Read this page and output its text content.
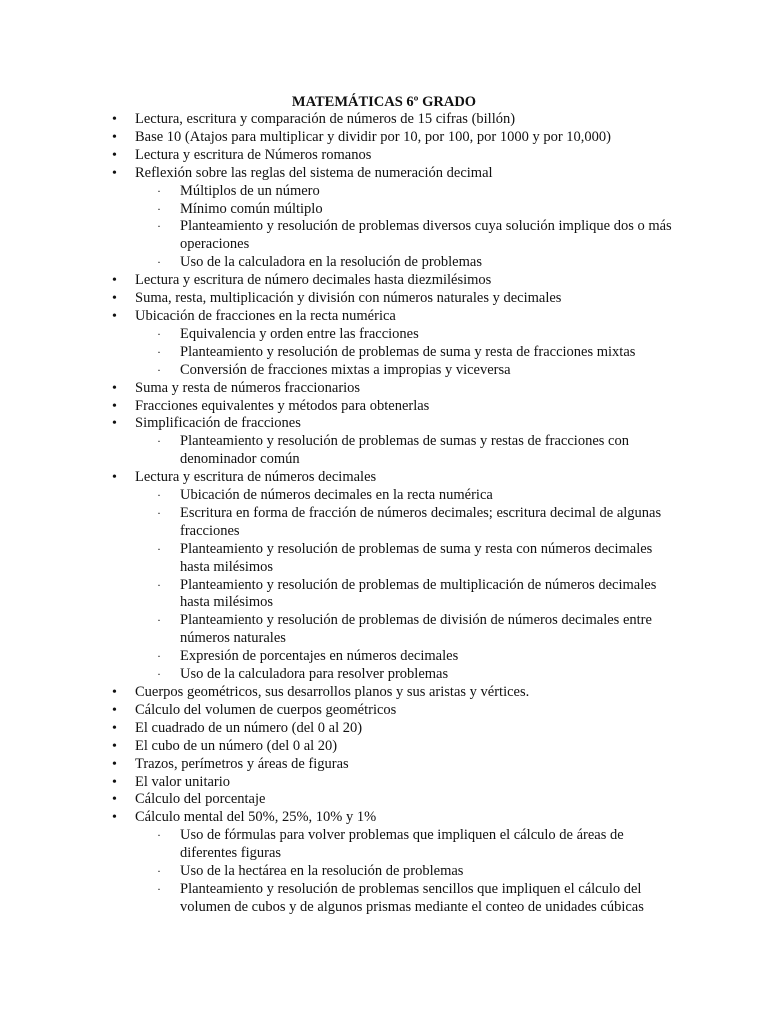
MATEMÁTICAS 6º GRADO
• Lectura, escritura y comparación de números de 15 cifras (billón)
• Base 10 (Atajos para multiplicar y dividir por 10, por 100, por 1000 y por 10,000)
• Lectura y escritura de Números romanos
• Reflexión sobre las reglas del sistema de numeración decimal
· Múltiplos de un número
· Mínimo común múltiplo
· Planteamiento y resolución de problemas diversos cuya solución implique dos o más operaciones
· Uso de la calculadora en la resolución de problemas
• Lectura y escritura de número decimales hasta diezmilésimos
• Suma, resta, multiplicación y división con números naturales y decimales
• Ubicación de fracciones en la recta numérica
· Equivalencia y orden entre las fracciones
· Planteamiento y resolución de problemas de suma y resta de fracciones mixtas
· Conversión de fracciones mixtas a impropias y viceversa
• Suma y resta de números fraccionarios
• Fracciones equivalentes y métodos para obtenerlas
• Simplificación de fracciones
· Planteamiento y resolución de problemas de sumas y restas de fracciones con denominador común
• Lectura y escritura de números decimales
· Ubicación de números decimales en la recta numérica
· Escritura en forma de fracción de números decimales; escritura decimal de algunas fracciones
· Planteamiento y resolución de problemas de suma y resta con números decimales hasta milésimos
· Planteamiento y resolución de problemas de multiplicación de números decimales hasta milésimos
· Planteamiento y resolución de problemas de división de números decimales entre números naturales
· Expresión de porcentajes en números decimales
· Uso de la calculadora para resolver problemas
• Cuerpos geométricos, sus desarrollos planos y sus aristas y vértices.
• Cálculo del volumen de cuerpos geométricos
• El cuadrado de un número (del 0 al 20)
• El cubo de un número (del 0 al 20)
• Trazos, perímetros y áreas de figuras
• El valor unitario
• Cálculo del porcentaje
• Cálculo mental del 50%, 25%, 10% y 1%
· Uso de fórmulas para volver problemas que impliquen el cálculo de áreas de diferentes figuras
· Uso de la hectárea en la resolución de problemas
· Planteamiento y resolución de problemas sencillos que impliquen el cálculo del volumen de cubos y de algunos prismas mediante el conteo de unidades cúbicas
